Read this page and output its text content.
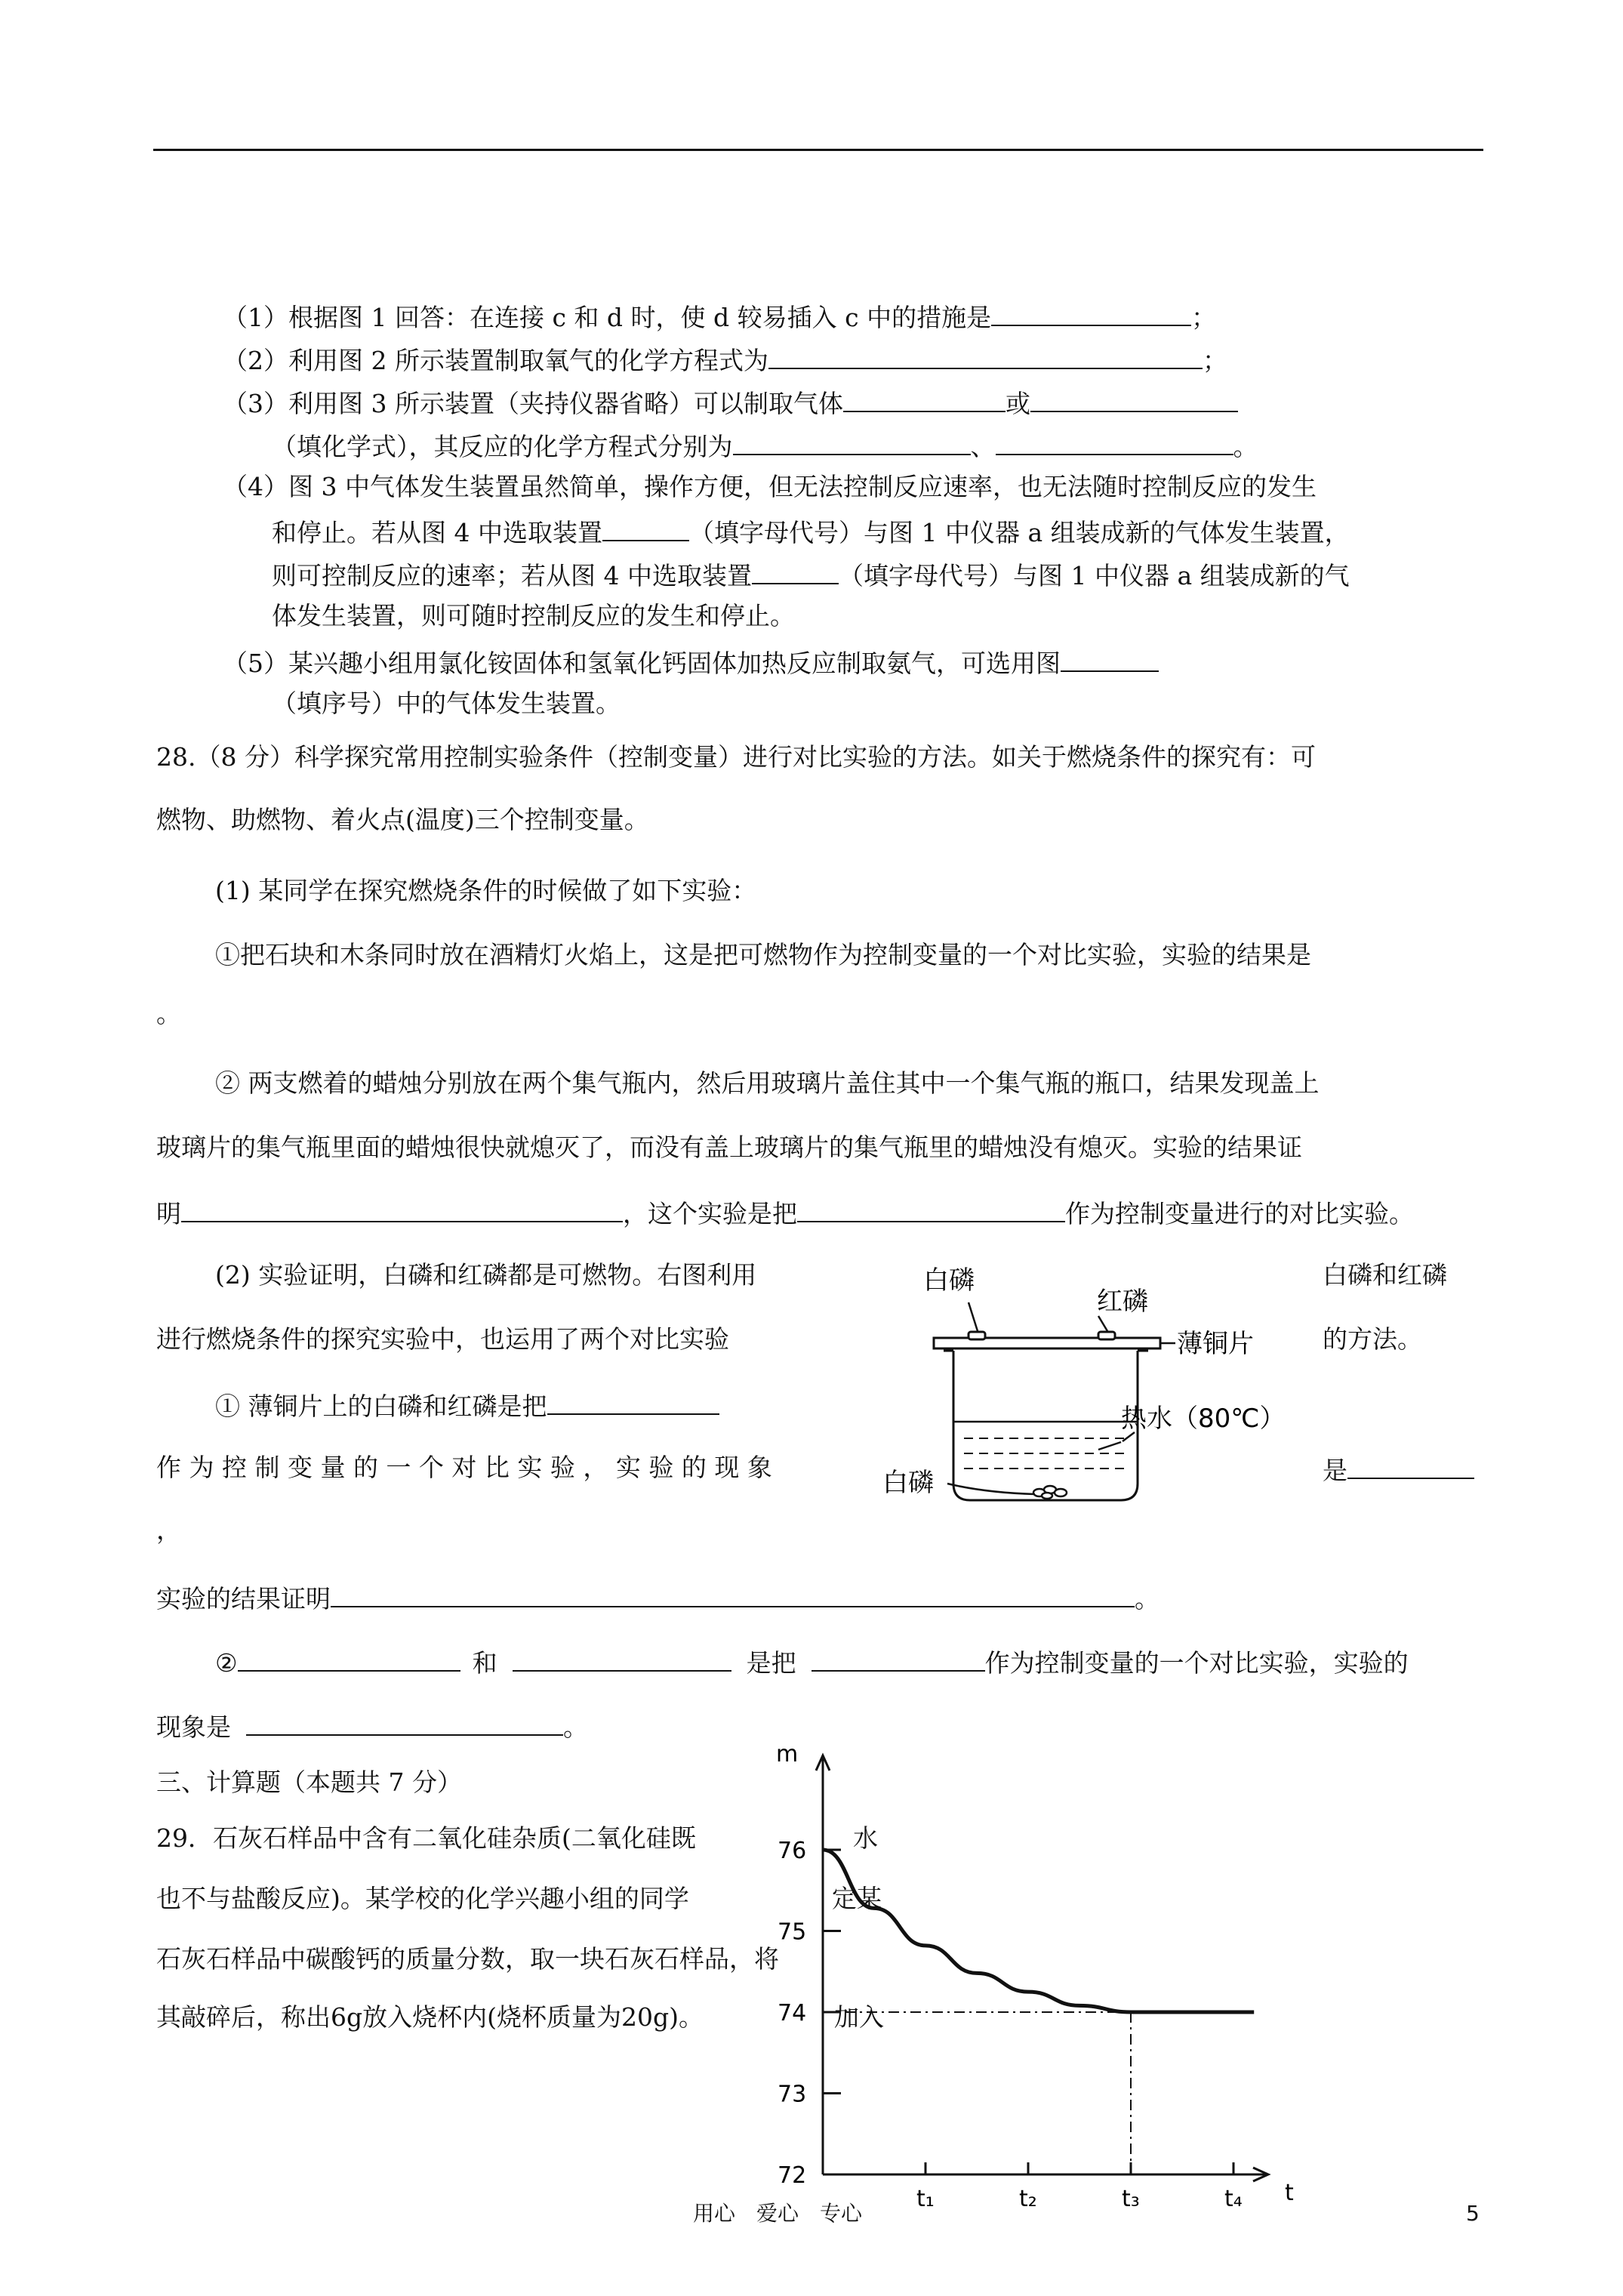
（1）根据图 1 回答：在连接 c 和 d 时，使 d 较易插入 c 中的措施是	；
（2）利用图 2 所示装置制取氧气的化学方程式为	；
（3）利用图 3 所示装置（夹持仪器省略）可以制取气体	或
（填化学式），其反应的化学方程式分别为	、	。
（4）图 3 中气体发生装置虽然简单，操作方便，但无法控制反应速率，也无法随时控制反应的发生
和停止。若从图 4 中选取装置	（填字母代号）与图 1 中仪器 a 组装成新的气体发生装置，
则可控制反应的速率；若从图 4 中选取装置	（填字母代号）与图 1 中仪器 a 组装成新的气
体发生装置，则可随时控制反应的发生和停止。
（5）某兴趣小组用氯化铵固体和氢氧化钙固体加热反应制取氨气，可选用图
（填序号）中的气体发生装置。
28.（8 分）科学探究常用控制实验条件（控制变量）进行对比实验的方法。如关于燃烧条件的探究有：可
燃物、助燃物、着火点(温度)三个控制变量。
(1) 某同学在探究燃烧条件的时候做了如下实验：
①把石块和木条同时放在酒精灯火焰上，这是把可燃物作为控制变量的一个对比实验，实验的结果是
。
② 两支燃着的蜡烛分别放在两个集气瓶内，然后用玻璃片盖住其中一个集气瓶的瓶口，结果发现盖上
玻璃片的集气瓶里面的蜡烛很快就熄灭了，而没有盖上玻璃片的集气瓶里的蜡烛没有熄灭。实验的结果证
明	，这个实验是把	作为控制变量进行的对比实验。
(2) 实验证明，白磷和红磷都是可燃物。右图利用	白磷和红磷
进行燃烧条件的探究实验中，也运用了两个对比实验	的方法。
① 薄铜片上的白磷和红磷是把
作 为 控 制 变 量 的 一 个 对 比 实 验 ， 实 验 的 现 象	是
，
实验的结果证明	。
②	和	是把	作为控制变量的一个对比实验，实验的
现象是	。
白磷
红磷
薄铜片
热水（80℃）
白磷
三、计算题（本题共 7 分）
29．石灰石样品中含有二氧化硅杂质(二氧化硅既	水
也不与盐酸反应)。某学校的化学兴趣小组的同学	定某
石灰石样品中碳酸钙的质量分数，取一块石灰石样品，将
其敲碎后，称出6g放入烧杯内(烧杯质量为20g)。	加入
m
t
72
73
74
75
76
t₁	t₂	t₃	t₄
用心　爱心　专心	5
